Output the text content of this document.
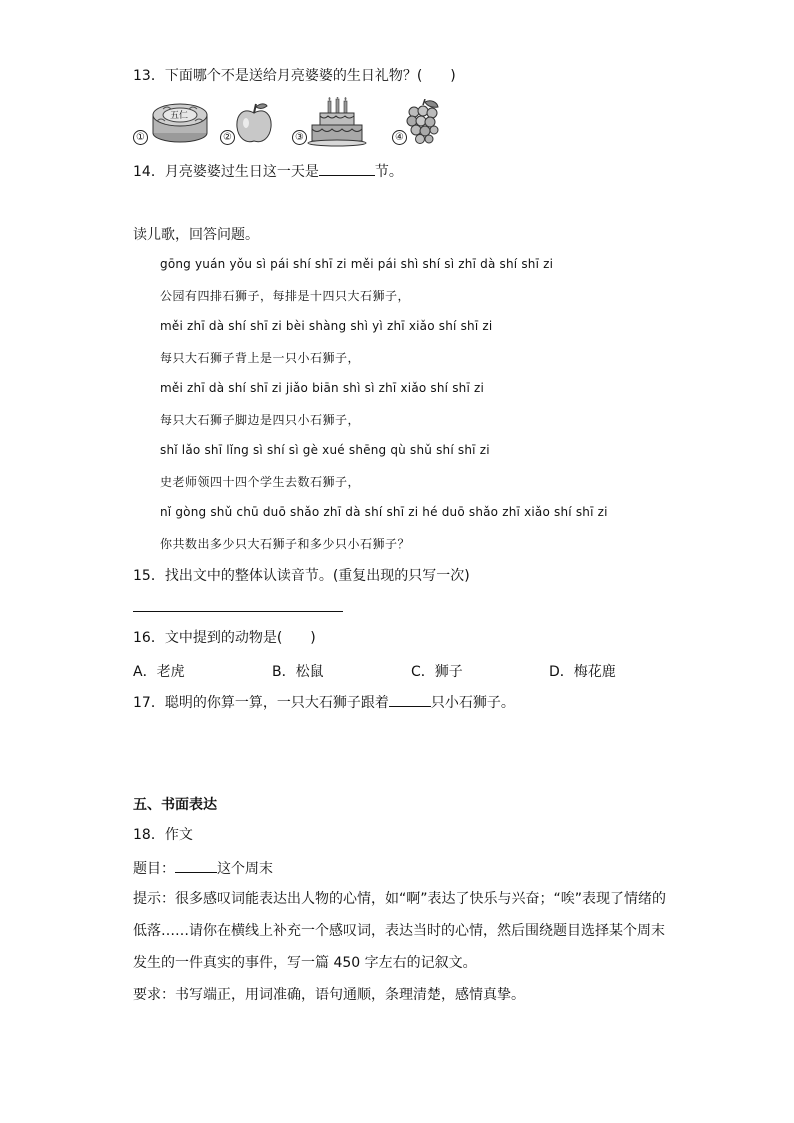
13．下面哪个不是送给月亮婆婆的生日礼物？(　　)
①
五仁
②	③	④
14．月亮婆婆过生日这一天是	节。
读儿歌，回答问题。
gōng yuán yǒu sì pái shí shī zi měi pái shì shí sì zhī dà shí shī zi
公园有四排石狮子，每排是十四只大石狮子，
měi zhī dà shí shī zi bèi shàng shì yì zhī xiǎo shí shī zi
每只大石狮子背上是一只小石狮子，
měi zhī dà shí shī zi jiǎo biān shì sì zhī xiǎo shí shī zi
每只大石狮子脚边是四只小石狮子，
shǐ lǎo shī lǐng sì shí sì gè xué shēng qù shǔ shí shī zi
史老师领四十四个学生去数石狮子，
nǐ gòng shǔ chū duō shǎo zhī dà shí shī zi hé duō shǎo zhī xiǎo shí shī zi
你共数出多少只大石狮子和多少只小石狮子？
15．找出文中的整体认读音节。(重复出现的只写一次)
16．文中提到的动物是(　　)
A．老虎	B．松鼠	C．狮子	D．梅花鹿
17．聪明的你算一算，一只大石狮子跟着	只小石狮子。
五、书面表达
18．作文
题目：	这个周末
提示：很多感叹词能表达出人物的心情，如“啊”表达了快乐与兴奋；“唉”表现了情绪的
低落……请你在横线上补充一个感叹词，表达当时的心情，然后围绕题目选择某个周末
发生的一件真实的事件，写一篇 450 字左右的记叙文。
要求：书写端正，用词准确，语句通顺，条理清楚，感情真挚。
